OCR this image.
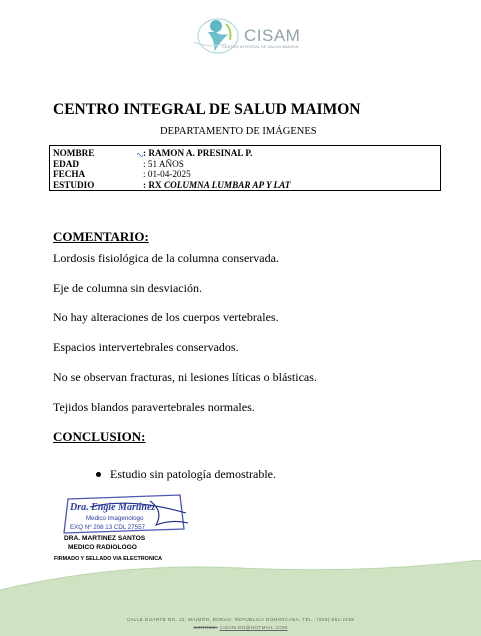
CISAM
CENTRO INTEGRAL DE SALUD MAIMON
CENTRO INTEGRAL DE SALUD MAIMON
DEPARTAMENTO DE IMÁGENES
NOMBRE	: RAMON A. PRESINAL P.
EDAD	: 51 AÑOS
FECHA	: 01-04-2025
ESTUDIO	: RX COLUMNA LUMBAR AP Y LAT
COMENTARIO:
Lordosis fisiológica de la columna conservada.
Eje de columna sin desviación.
No hay alteraciones de los cuerpos vertebrales.
Espacios intervertebrales conservados.
No se observan fracturas, ni lesiones líticas o blásticas.
Tejidos blandos paravertebrales normales.
CONCLUSION:
Estudio sin patología demostrable.
Dra. Engie Martinez
Medico Imagenologo
EXQ Nº 208 13 CDL 27557
DRA. MARTINEZ SANTOS
MEDICO RADIOLOGO
FIRMADO Y SELLADO VIA ELECTRONICA
CALLE DUARTE NO. 13, MAIMÓN, BONAO, REPUBLICA DOMINICANA, TEL.: (809)-551-2196
CORREO: CISAM.DO@HOTMAIL.COM
